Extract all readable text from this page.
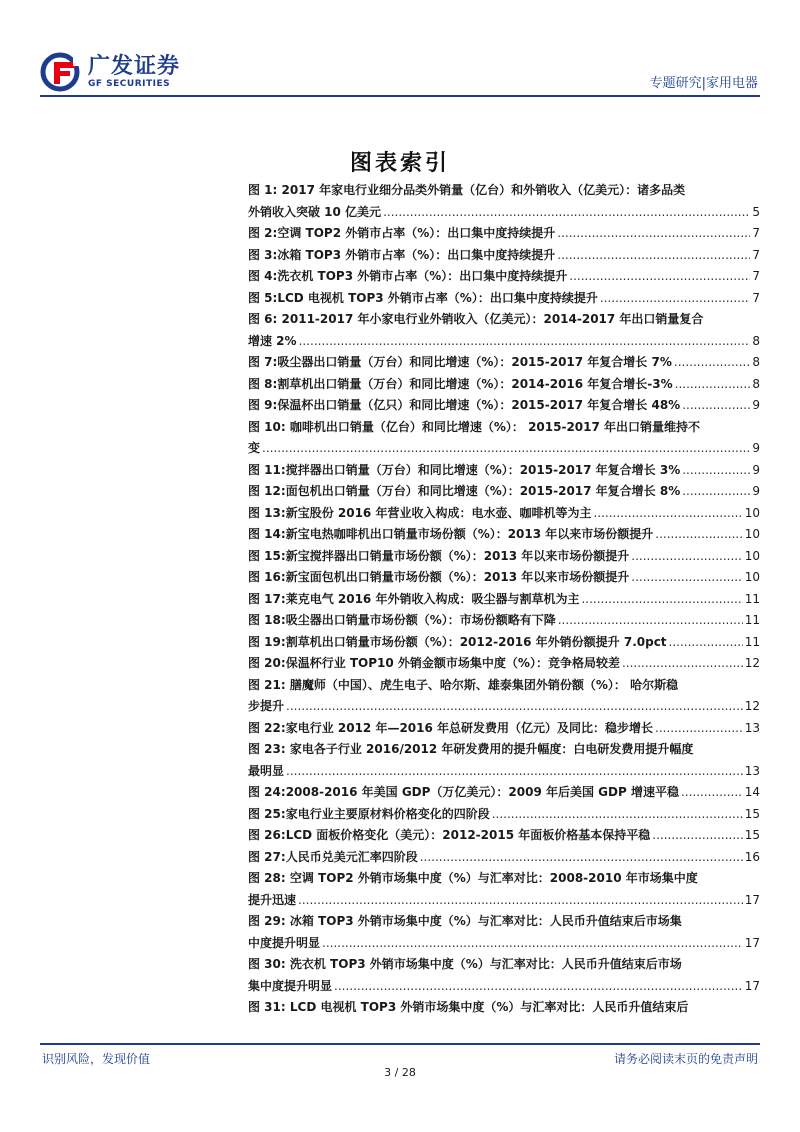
广发证券
GF SECURITIES	专题研究|家用电器
图表索引
图 1: 2017 年家电行业细分品类外销量（亿台）和外销收入（亿美元）：诸多品类
外销收入突破 10 亿美元 .....	5
图 2: 空调 TOP2 外销市占率（%）：出口集中度持续提升 .....	7
图 3: 冰箱 TOP3 外销市占率（%）：出口集中度持续提升 .....	7
图 4: 洗衣机 TOP3 外销市占率（%）：出口集中度持续提升 .....	7
图 5: LCD 电视机 TOP3 外销市占率（%）：出口集中度持续提升 .....	7
图 6: 2011-2017 年小家电行业外销收入（亿美元）：2014-2017 年出口销量复合
增速 2% .....	8
图 7: 吸尘器出口销量（万台）和同比增速（%）：2015-2017 年复合增长 7% .....	8
图 8: 割草机出口销量（万台）和同比增速（%）：2014-2016 年复合增长-3% .....	8
图 9: 保温杯出口销量（亿只）和同比增速（%）：2015-2017 年复合增长 48% .....	9
图 10: 咖啡机出口销量（亿台）和同比增速（%）： 2015-2017 年出口销量维持不
变 .....	9
图 11: 搅拌器出口销量（万台）和同比增速（%）：2015-2017 年复合增长 3% .....	9
图 12: 面包机出口销量（万台）和同比增速（%）：2015-2017 年复合增长 8% .....	9
图 13: 新宝股份 2016 年营业收入构成：电水壶、咖啡机等为主 .....	10
图 14: 新宝电热咖啡机出口销量市场份额（%）：2013 年以来市场份额提升 .....	10
图 15: 新宝搅拌器出口销量市场份额（%）：2013 年以来市场份额提升 .....	10
图 16: 新宝面包机出口销量市场份额（%）：2013 年以来市场份额提升 .....	10
图 17: 莱克电气 2016 年外销收入构成：吸尘器与割草机为主 .....	11
图 18: 吸尘器出口销量市场份额（%）：市场份额略有下降 .....	11
图 19: 割草机出口销量市场份额（%）：2012-2016 年外销份额提升 7.0pct .....	11
图 20: 保温杯行业 TOP10 外销金额市场集中度（%）：竞争格局较差 .....	12
图 21: 膳魔师（中国）、虎生电子、哈尔斯、雄泰集团外销份额（%）： 哈尔斯稳
步提升 .....	12
图 22: 家电行业 2012 年—2016 年总研发费用（亿元）及同比：稳步增长 .....	13
图 23: 家电各子行业 2016/2012 年研发费用的提升幅度：白电研发费用提升幅度
最明显 .....	13
图 24: 2008-2016 年美国 GDP（万亿美元）：2009 年后美国 GDP 增速平稳 .....	14
图 25: 家电行业主要原材料价格变化的四阶段 .....	15
图 26: LCD 面板价格变化（美元）：2012-2015 年面板价格基本保持平稳 .....	15
图 27: 人民币兑美元汇率四阶段 .....	16
图 28: 空调 TOP2 外销市场集中度（%）与汇率对比：2008-2010 年市场集中度
提升迅速 .....	17
图 29: 冰箱 TOP3 外销市场集中度（%）与汇率对比：人民币升值结束后市场集
中度提升明显 .....	17
图 30: 洗衣机 TOP3 外销市场集中度（%）与汇率对比：人民币升值结束后市场
集中度提升明显 .....	17
图 31: LCD 电视机 TOP3 外销市场集中度（%）与汇率对比：人民币升值结束后
识别风险，发现价值	请务必阅读末页的免责声明
3 / 28
